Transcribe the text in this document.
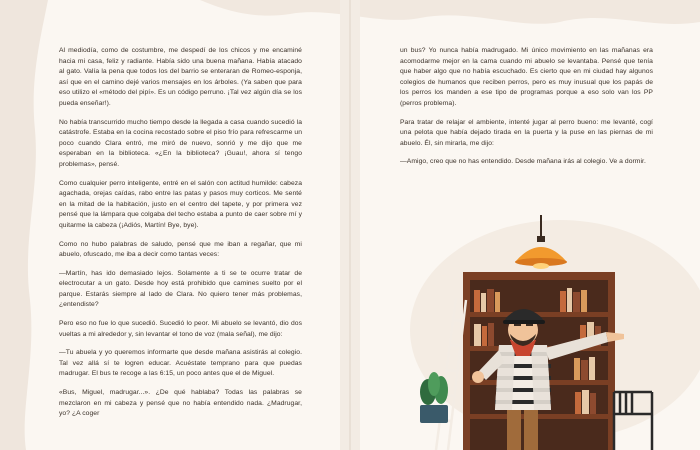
Al mediodía, como de costumbre, me despedí de los chicos y me encaminé hacia mi casa, feliz y radiante. Había sido una buena mañana. Había atacado al gato. Valía la pena que todos los del barrio se enteraran de Romeo-esponja, así que en el camino dejé varios mensajes en los árboles. (Ya saben que para eso utilizo el «método del pipí». Es un código perruno. ¡Tal vez algún día se los pueda enseñar!).

No había transcurrido mucho tiempo desde la llegada a casa cuando sucedió la catástrofe. Estaba en la cocina recostado sobre el piso frío para refrescarme un poco cuando Clara entró, me miró de nuevo, sonrió y me dijo que me esperaban en la biblioteca. «¿En la biblioteca? ¡Guau!, ahora sí tengo problemas», pensé.

Como cualquier perro inteligente, entré en el salón con actitud humilde: cabeza agachada, orejas caídas, rabo entre las patas y pasos muy corticos. Me senté en la mitad de la habitación, justo en el centro del tapete, y por primera vez pensé que la lámpara que colgaba del techo estaba a punto de caer sobre mí y quitarme la cabeza (¡Adiós, Martín! Bye, bye).

Como no hubo palabras de saludo, pensé que me iban a regañar, que mi abuelo, ofuscado, me iba a decir como tantas veces:

—Martín, has ido demasiado lejos. Solamente a ti se te ocurre tratar de electrocutar a un gato. Desde hoy está prohibido que camines suelto por el parque. Estarás siempre al lado de Clara. No quiero tener más problemas, ¿entendiste?

Pero eso no fue lo que sucedió. Sucedió lo peor. Mi abuelo se levantó, dio dos vueltas a mi alrededor y, sin levantar el tono de voz (mala señal), me dijo:

—Tu abuela y yo queremos informarte que desde mañana asistirás al colegio. Tal vez allá sí te logren educar. Acuéstate temprano para que puedas madrugar. El bus te recoge a las 6:15, un poco antes que el de Miguel.

«Bus, Miguel, madrugar...». ¿De qué hablaba? Todas las palabras se mezclaron en mi cabeza y pensé que no había entendido nada. ¿Madrugar, yo? ¿A coger

un bus? Yo nunca había madrugado. Mi único movimiento en las mañanas era acomodarme mejor en la cama cuando mi abuelo se levantaba. Pensé que tenía que haber algo que no había escuchado. Es cierto que en mi ciudad hay algunos colegios de humanos que reciben perros, pero es muy inusual que los papás de los perros los manden a ese tipo de programas porque a eso solo van los PP (perros problema).

Para tratar de relajar el ambiente, intenté jugar al perro bueno: me levanté, cogí una pelota que había dejado tirada en la puerta y la puse en las piernas de mi abuelo. Él, sin mirarla, me dijo:

—Amigo, creo que no has entendido. Desde mañana irás al colegio. Ve a dormir.
